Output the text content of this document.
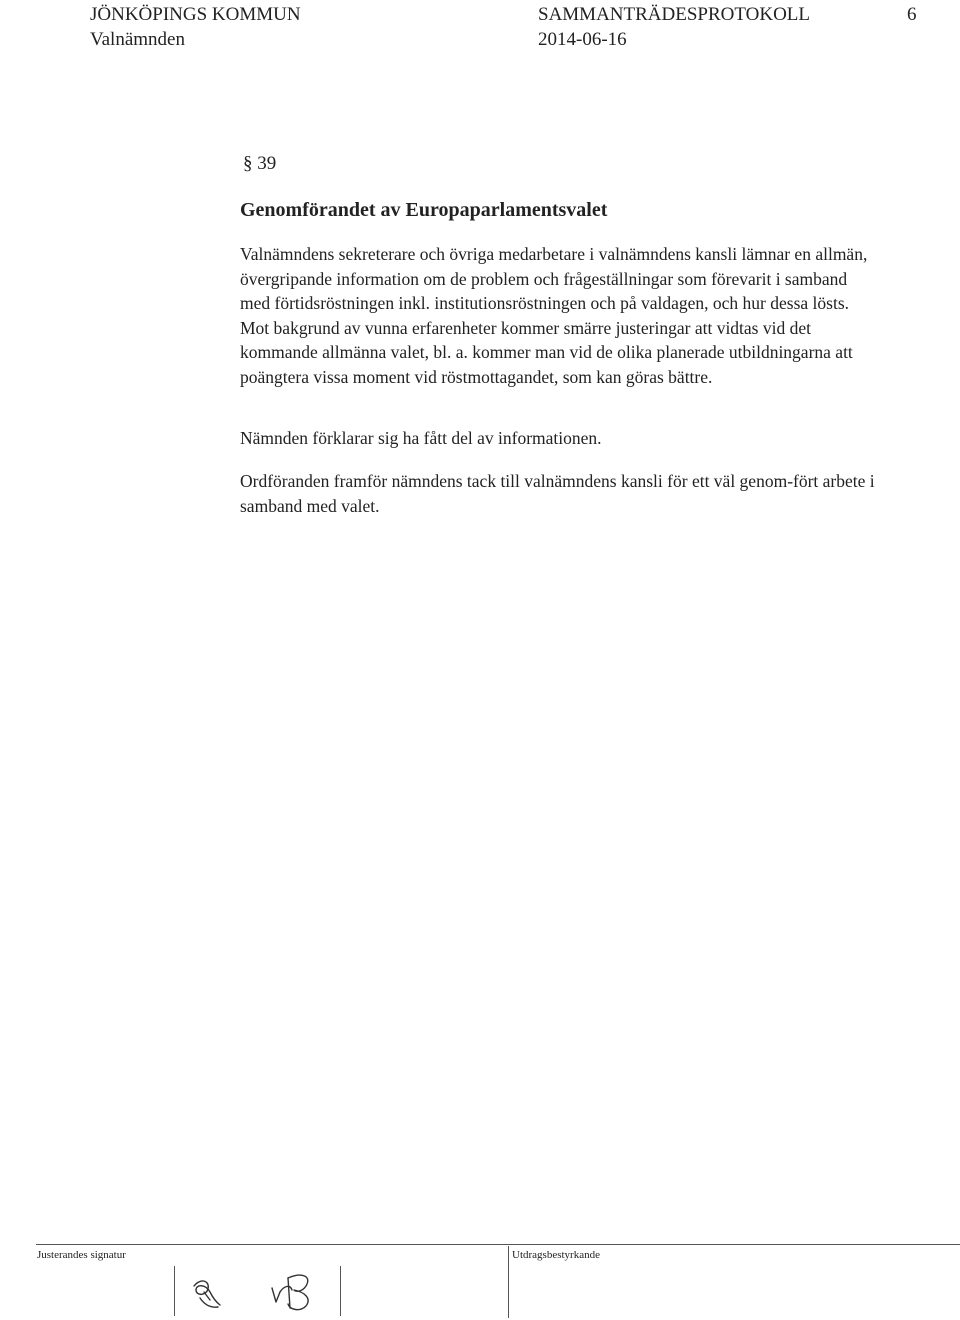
JÖNKÖPINGS KOMMUN
Valnämnden
SAMMANTRÄDESPROTOKOLL
2014-06-16
6
§ 39
Genomförandet av Europaparlamentsvalet

Valnämndens sekreterare och övriga medarbetare i valnämndens kansli lämnar en allmän, övergripande information om de problem och frågeställningar som förevarit i samband med förtidsröstningen inkl. institutionsröstningen och på valdagen, och hur dessa lösts. Mot bakgrund av vunna erfarenheter kommer smärre justeringar att vidtas vid det kommande allmänna valet, bl. a. kommer man vid de olika planerade utbildningarna att poängtera vissa moment vid röstmottagandet, som kan göras bättre.

Nämnden förklarar sig ha fått del av informationen.

Ordföranden framför nämndens tack till valnämndens kansli för ett väl genom-fört arbete i samband med valet.

Justerandes signatur	Utdragsbestyrkande
